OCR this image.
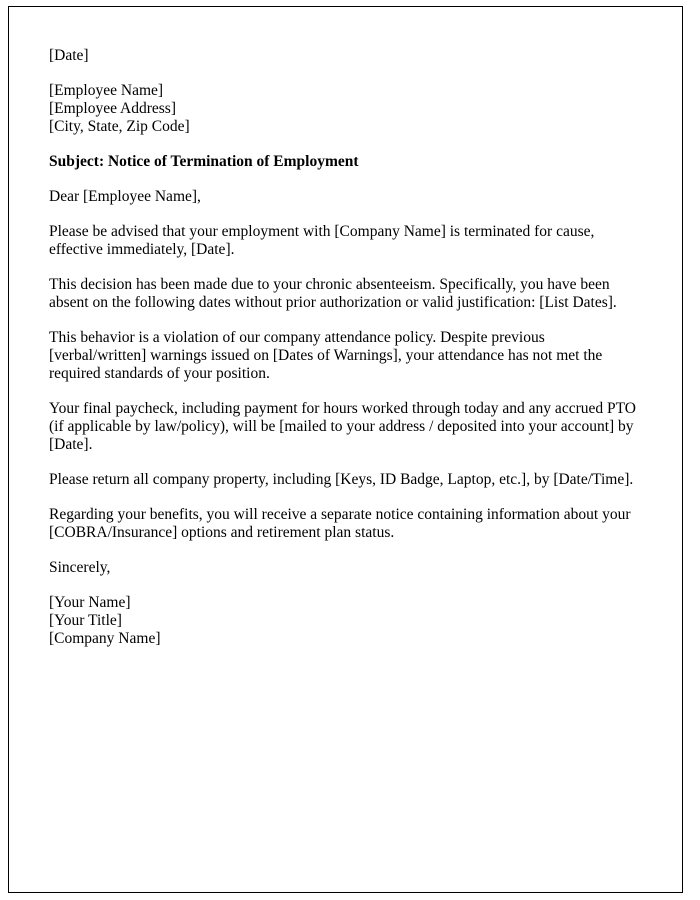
[Date]

[Employee Name]

[Employee Address]

[City, State, Zip Code]

Subject: Notice of Termination of Employment

Dear [Employee Name],

Please be advised that your employment with [Company Name] is terminated for cause, effective immediately, [Date].

This decision has been made due to your chronic absenteeism. Specifically, you have been absent on the following dates without prior authorization or valid justification: [List Dates].

This behavior is a violation of our company attendance policy. Despite previous [verbal/written] warnings issued on [Dates of Warnings], your attendance has not met the required standards of your position.

Your final paycheck, including payment for hours worked through today and any accrued PTO (if applicable by law/policy), will be [mailed to your address / deposited into your account] by [Date].

Please return all company property, including [Keys, ID Badge, Laptop, etc.], by [Date/Time].

Regarding your benefits, you will receive a separate notice containing information about your [COBRA/Insurance] options and retirement plan status.

Sincerely,

[Your Name]

[Your Title]

[Company Name]
